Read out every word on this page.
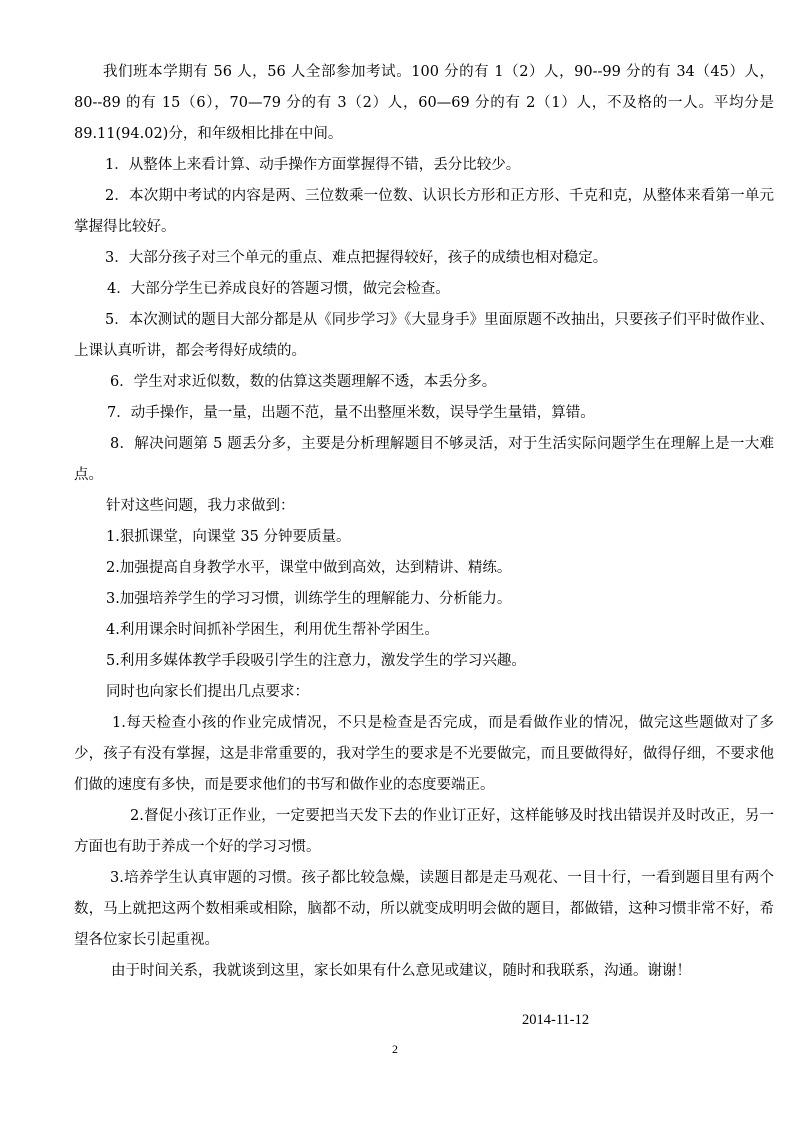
我们班本学期有 56 人，56 人全部参加考试。100 分的有 1（2）人，90--99 分的有 34（45）人，80--89 的有 15（6），70—79 分的有 3（2）人，60—69 分的有 2（1）人，不及格的一人。平均分是 89.11(94.02)分，和年级相比排在中间。

1．从整体上来看计算、动手操作方面掌握得不错，丢分比较少。

2．本次期中考试的内容是两、三位数乘一位数、认识长方形和正方形、千克和克，从整体来看第一单元掌握得比较好。

3．大部分孩子对三个单元的重点、难点把握得较好，孩子的成绩也相对稳定。

4．大部分学生已养成良好的答题习惯，做完会检查。

5．本次测试的题目大部分都是从《同步学习》《大显身手》里面原题不改抽出，只要孩子们平时做作业、上课认真听讲，都会考得好成绩的。

6．学生对求近似数，数的估算这类题理解不透，本丢分多。

7．动手操作，量一量，出题不范，量不出整厘米数，误导学生量错，算错。

8．解决问题第 5 题丢分多，主要是分析理解题目不够灵活，对于生活实际问题学生在理解上是一大难点。

针对这些问题，我力求做到：

1.狠抓课堂，向课堂 35 分钟要质量。

2.加强提高自身教学水平，课堂中做到高效，达到精讲、精练。

3.加强培养学生的学习习惯，训练学生的理解能力、分析能力。

4.利用课余时间抓补学困生，利用优生帮补学困生。

5.利用多媒体教学手段吸引学生的注意力，激发学生的学习兴趣。

同时也向家长们提出几点要求：

1.每天检查小孩的作业完成情况，不只是检查是否完成，而是看做作业的情况，做完这些题做对了多少，孩子有没有掌握，这是非常重要的，我对学生的要求是不光要做完，而且要做得好，做得仔细，不要求他们做的速度有多快，而是要求他们的书写和做作业的态度要端正。

2.督促小孩订正作业，一定要把当天发下去的作业订正好，这样能够及时找出错误并及时改正，另一方面也有助于养成一个好的学习习惯。

3.培养学生认真审题的习惯。孩子都比较急燥，读题目都是走马观花、一目十行，一看到题目里有两个数，马上就把这两个数相乘或相除，脑都不动，所以就变成明明会做的题目，都做错，这种习惯非常不好，希望各位家长引起重视。

由于时间关系，我就谈到这里，家长如果有什么意见或建议，随时和我联系，沟通。谢谢！

2014-11-12
2
